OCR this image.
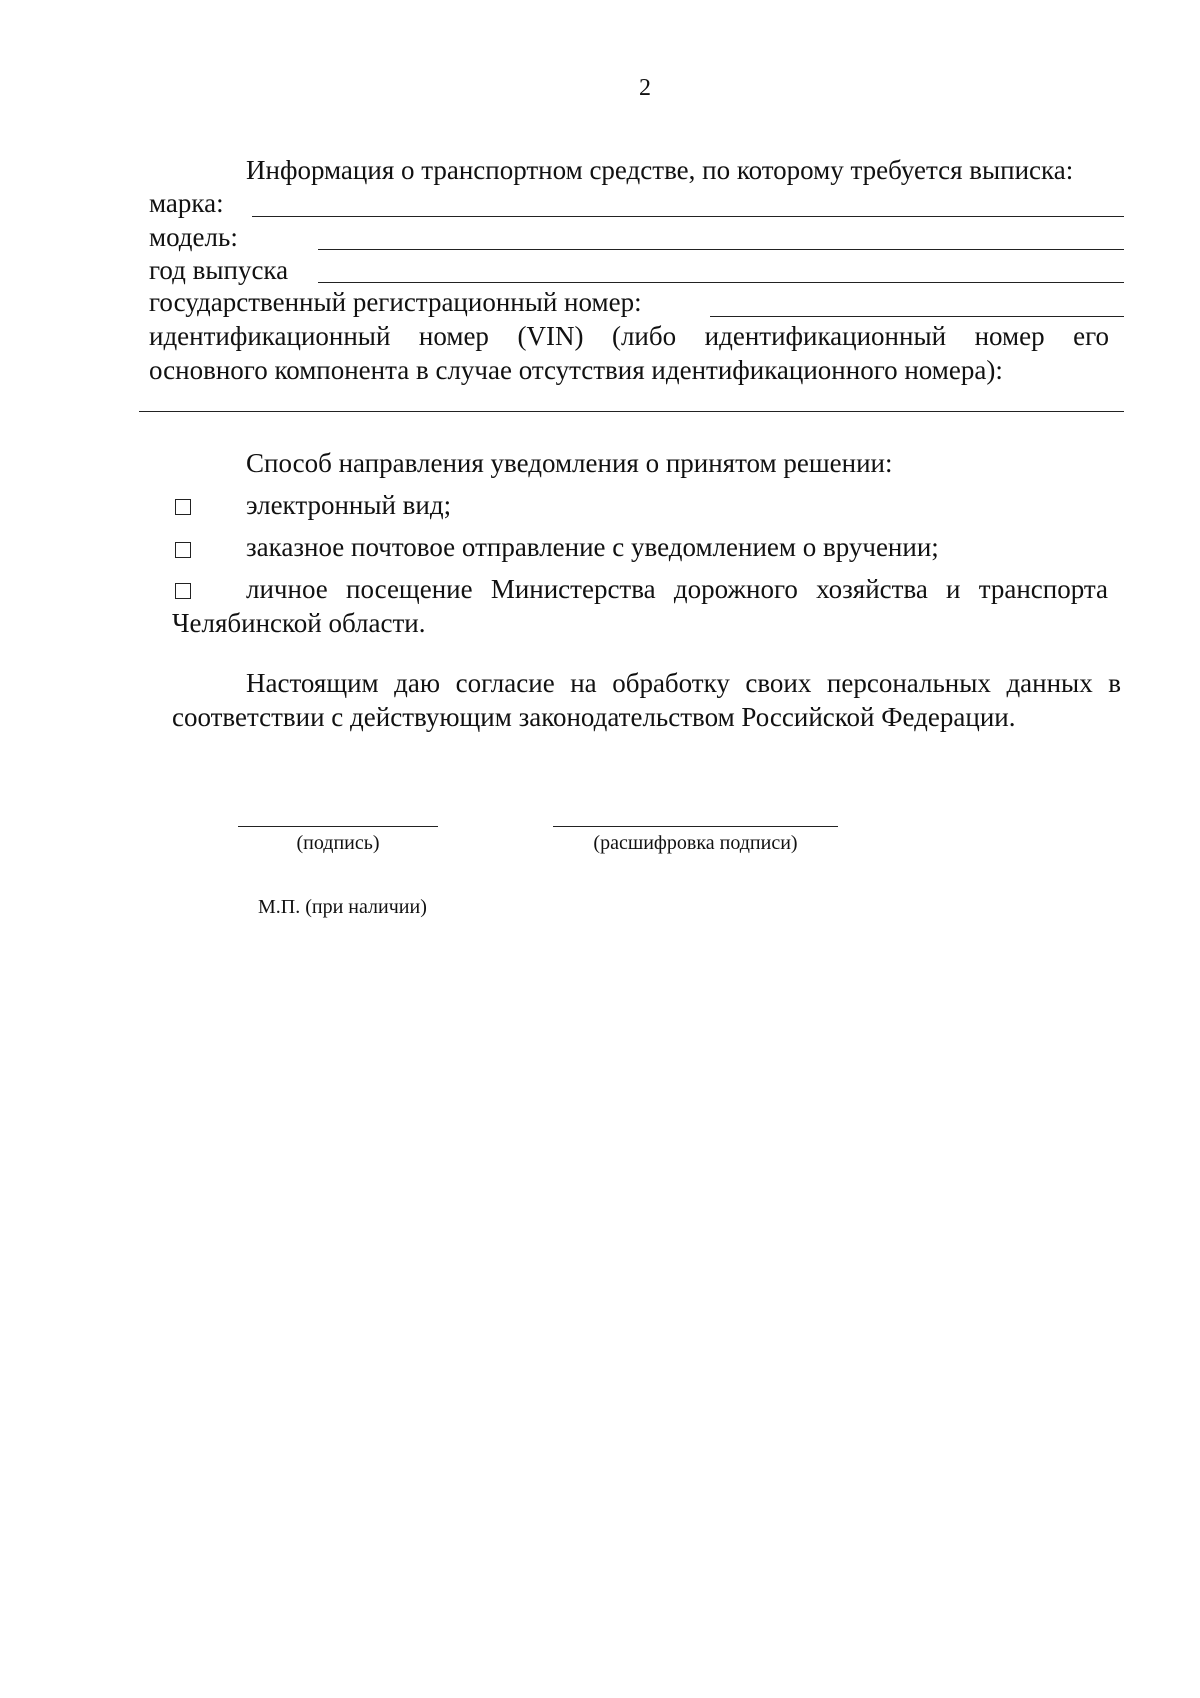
2
Информация о транспортном средстве, по которому требуется выписка:
марка:
модель:
год выпуска
государственный регистрационный номер:
идентификационный номер (VIN) (либо идентификационный номер его
основного компонента в случае отсутствия идентификационного номера):
Способ направления уведомления о принятом решении:
электронный вид;
заказное почтовое отправление с уведомлением о вручении;
личное посещение Министерства дорожного хозяйства и транспорта
Челябинской области.
Настоящим даю согласие на обработку своих персональных данных в
соответствии с действующим законодательством Российской Федерации.
(подпись)	(расшифровка подписи)
М.П. (при наличии)
